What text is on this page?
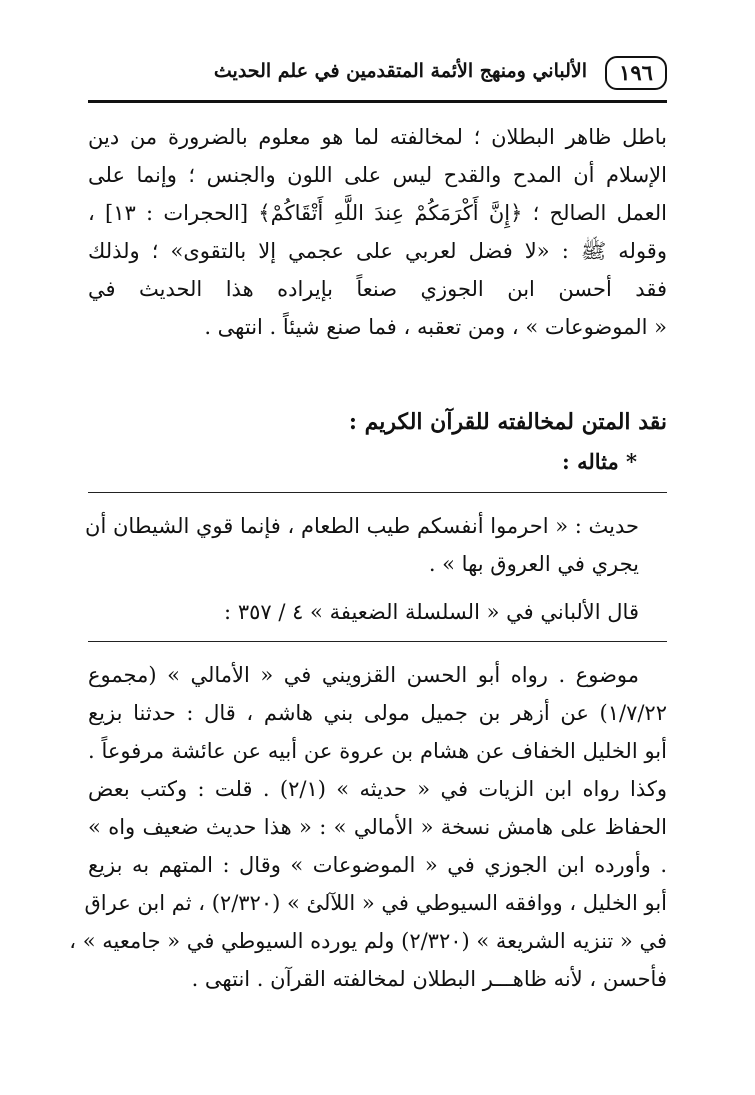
١٩٦
الألباني ومنهج الأئمة المتقدمين في علم الحديث
باطل ظاهر البطلان ؛ لمخالفته لما هو معلوم بالضرورة من دين
الإسلام أن المدح والقدح ليس على اللون والجنس ؛ وإنما على
العمل الصالح ؛ ﴿إِنَّ أَكْرَمَكُمْ عِندَ اللَّهِ أَتْقَاكُمْ﴾ [الحجرات : ١٣] ،
وقوله ﷺ : «لا فضل لعربي على عجمي إلا بالتقوى» ؛ ولذلك
فقد أحسن ابن الجوزي صنعاً بإيراده هذا الحديث في
« الموضوعات » ، ومن تعقبه ، فما صنع شيئاً . انتهى .
نقد المتن لمخالفته للقرآن الكريم :
* مثاله :
حديث : « احرموا أنفسكم طيب الطعام ، فإنما قوي الشيطان أن
يجري في العروق بها » .
قال الألباني في « السلسلة الضعيفة » ٤ / ٣٥٧ :
موضوع . رواه أبو الحسن القزويني في « الأمالي » (مجموع
١/٧/٢٢) عن أزهر بن جميل مولى بني هاشم ، قال : حدثنا بزيع
أبو الخليل الخفاف عن هشام بن عروة عن أبيه عن عائشة مرفوعاً .
وكذا رواه ابن الزيات في « حديثه » (٢/١) . قلت : وكتب بعض
الحفاظ على هامش نسخة « الأمالي » : « هذا حديث ضعيف واه »
. وأورده ابن الجوزي في « الموضوعات » وقال : المتهم به بزيع
أبو الخليل ، ووافقه السيوطي في « اللآلئ » (٢/٣٢٠) ، ثم ابن عراق
في « تنزيه الشريعة » (٢/٣٢٠) ولم يورده السيوطي في « جامعيه » ،
فأحسن ، لأنه ظاهـــر البطلان لمخالفته القرآن . انتهى .
